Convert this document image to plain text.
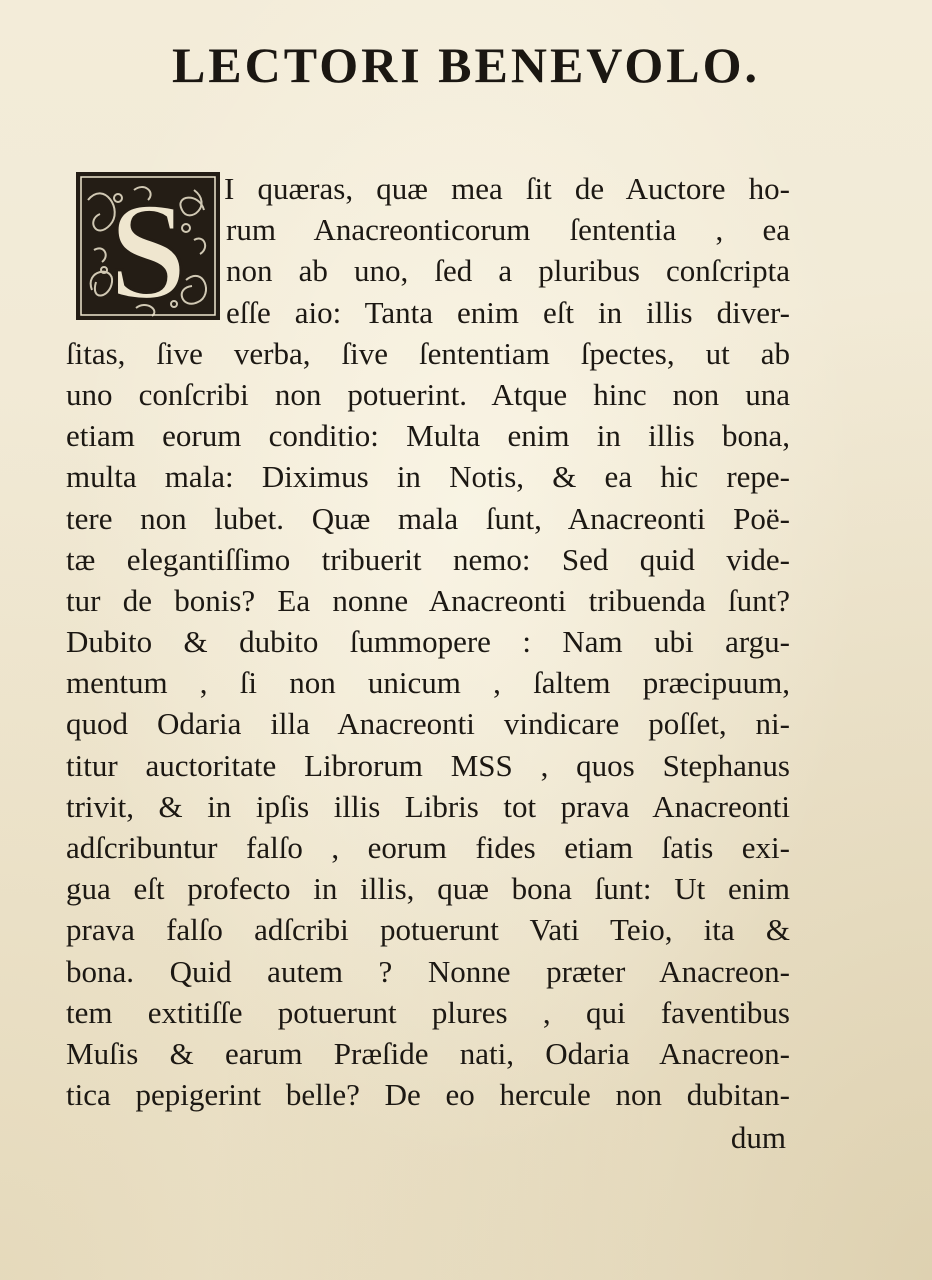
LECTORI BENEVOLO.
S I quæras, quæ mea ſit de Auctore ho-
rum Anacreonticorum ſententia , ea
non ab uno, ſed a pluribus conſcripta
eſſe aio: Tanta enim eſt in illis diver-
ſitas, ſive verba, ſive ſententiam ſpectes, ut ab
uno conſcribi non potuerint. Atque hinc non una
etiam eorum conditio: Multa enim in illis bona,
multa mala: Diximus in Notis, & ea hic repe-
tere non lubet. Quæ mala ſunt, Anacreonti Poë-
tæ elegantiſſimo tribuerit nemo: Sed quid vide-
tur de bonis? Ea nonne Anacreonti tribuenda ſunt?
Dubito & dubito ſummopere : Nam ubi argu-
mentum , ſi non unicum , ſaltem præcipuum,
quod Odaria illa Anacreonti vindicare poſſet, ni-
titur auctoritate Librorum MSS , quos Stephanus
trivit, & in ipſis illis Libris tot prava Anacreonti
adſcribuntur falſo , eorum fides etiam ſatis exi-
gua eſt profecto in illis, quæ bona ſunt: Ut enim
prava falſo adſcribi potuerunt Vati Teio, ita &
bona. Quid autem ? Nonne præter Anacreon-
tem extitiſſe potuerunt plures , qui faventibus
Muſis & earum Præſide nati, Odaria Anacreon-
tica pepigerint belle? De eo hercule non dubitan-
dum
